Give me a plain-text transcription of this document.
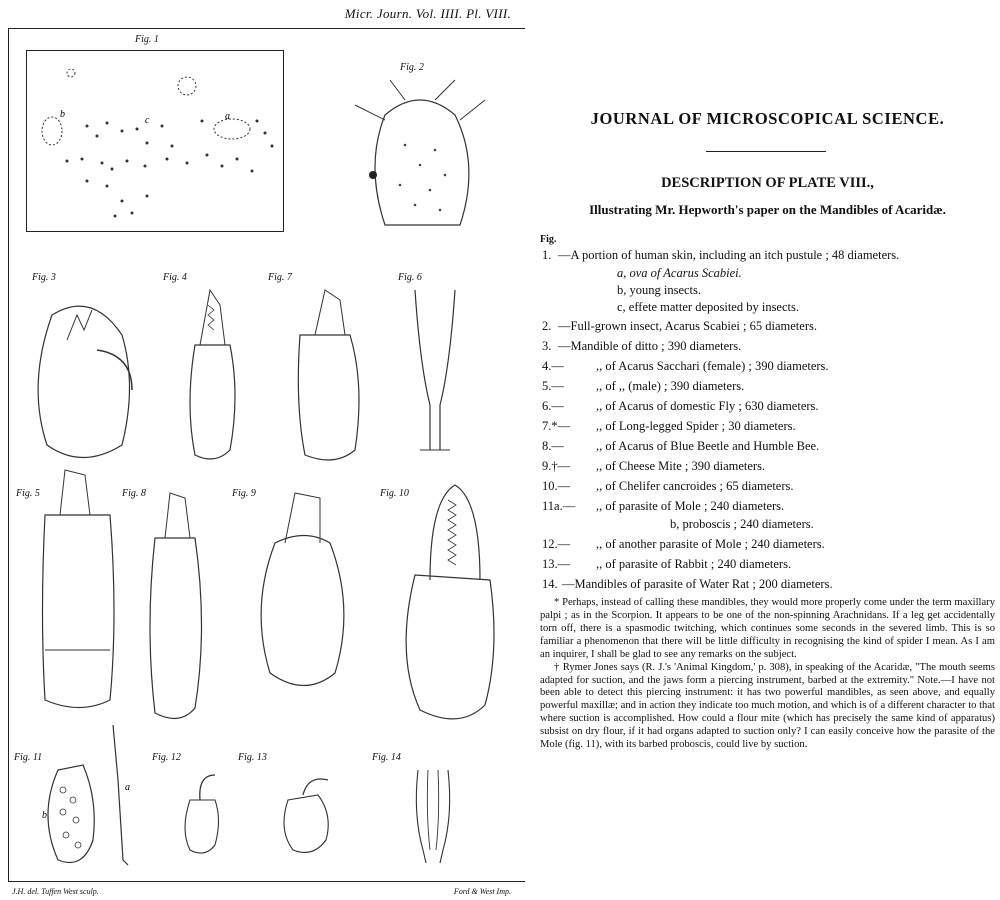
Micr. Journ. Vol. IIII. Pl. VIII.
Fig. 1
b
c	a
Fig. 2
Fig. 3	Fig. 4	Fig. 7	Fig. 6
Fig. 5	Fig. 8	Fig. 9	Fig. 10
Fig. 11	Fig. 12	Fig. 13	Fig. 14
b
a
J.H. del. Tuffen West sculp.	Ford & West Imp.
JOURNAL OF MICROSCOPICAL SCIENCE.
DESCRIPTION OF PLATE VIII.,
Illustrating Mr. Hepworth's paper on the Mandibles of Acaridæ.
Fig.
1. —A portion of human skin, including an itch pustule ; 48 diameters.
a, ova of Acarus Scabiei.
b, young insects.
c, effete matter deposited by insects.
2. —Full-grown insect, Acarus Scabiei ; 65 diameters.
3. —Mandible of ditto ; 390 diameters.
4.—	,, of Acarus Sacchari (female) ; 390 diameters.
5.—	,, of ,, (male) ; 390 diameters.
6.—	,, of Acarus of domestic Fly ; 630 diameters.
7.*— ,, of Long-legged Spider ; 30 diameters.
8.—	,, of Acarus of Blue Beetle and Humble Bee.
9.†— ,, of Cheese Mite ; 390 diameters.
10.— ,, of Chelifer cancroides ; 65 diameters.
11a.— ,, of parasite of Mole ; 240 diameters.
b, proboscis ; 240 diameters.
12.— ,, of another parasite of Mole ; 240 diameters.
13.— ,, of parasite of Rabbit ; 240 diameters.
14. —Mandibles of parasite of Water Rat ; 200 diameters.

* Perhaps, instead of calling these mandibles, they would more properly come under the term maxillary palpi ; as in the Scorpion. It appears to be one of the non-spinning Arachnidans. If a leg get accidentally torn off, there is a spasmodic twitching, which continues some seconds in the severed limb. This is so familiar a phenomenon that there will be little difficulty in recognising the kind of spider I mean. As I am an inquirer, I shall be glad to see any remarks on the subject.

† Rymer Jones says (R. J.'s 'Animal Kingdom,' p. 308), in speaking of the Acaridæ, "The mouth seems adapted for suction, and the jaws form a piercing instrument, barbed at the extremity." Note.—I have not been able to detect this piercing instrument: it has two powerful mandibles, as seen above, and equally powerful maxillæ; and in action they indicate too much motion, and which is of a different character to that where suction is accomplished. How could a flour mite (which has precisely the same kind of apparatus) subsist on dry flour, if it had organs adapted to suction only? I can easily conceive how the parasite of the Mole (fig. 11), with its barbed proboscis, could live by suction.
